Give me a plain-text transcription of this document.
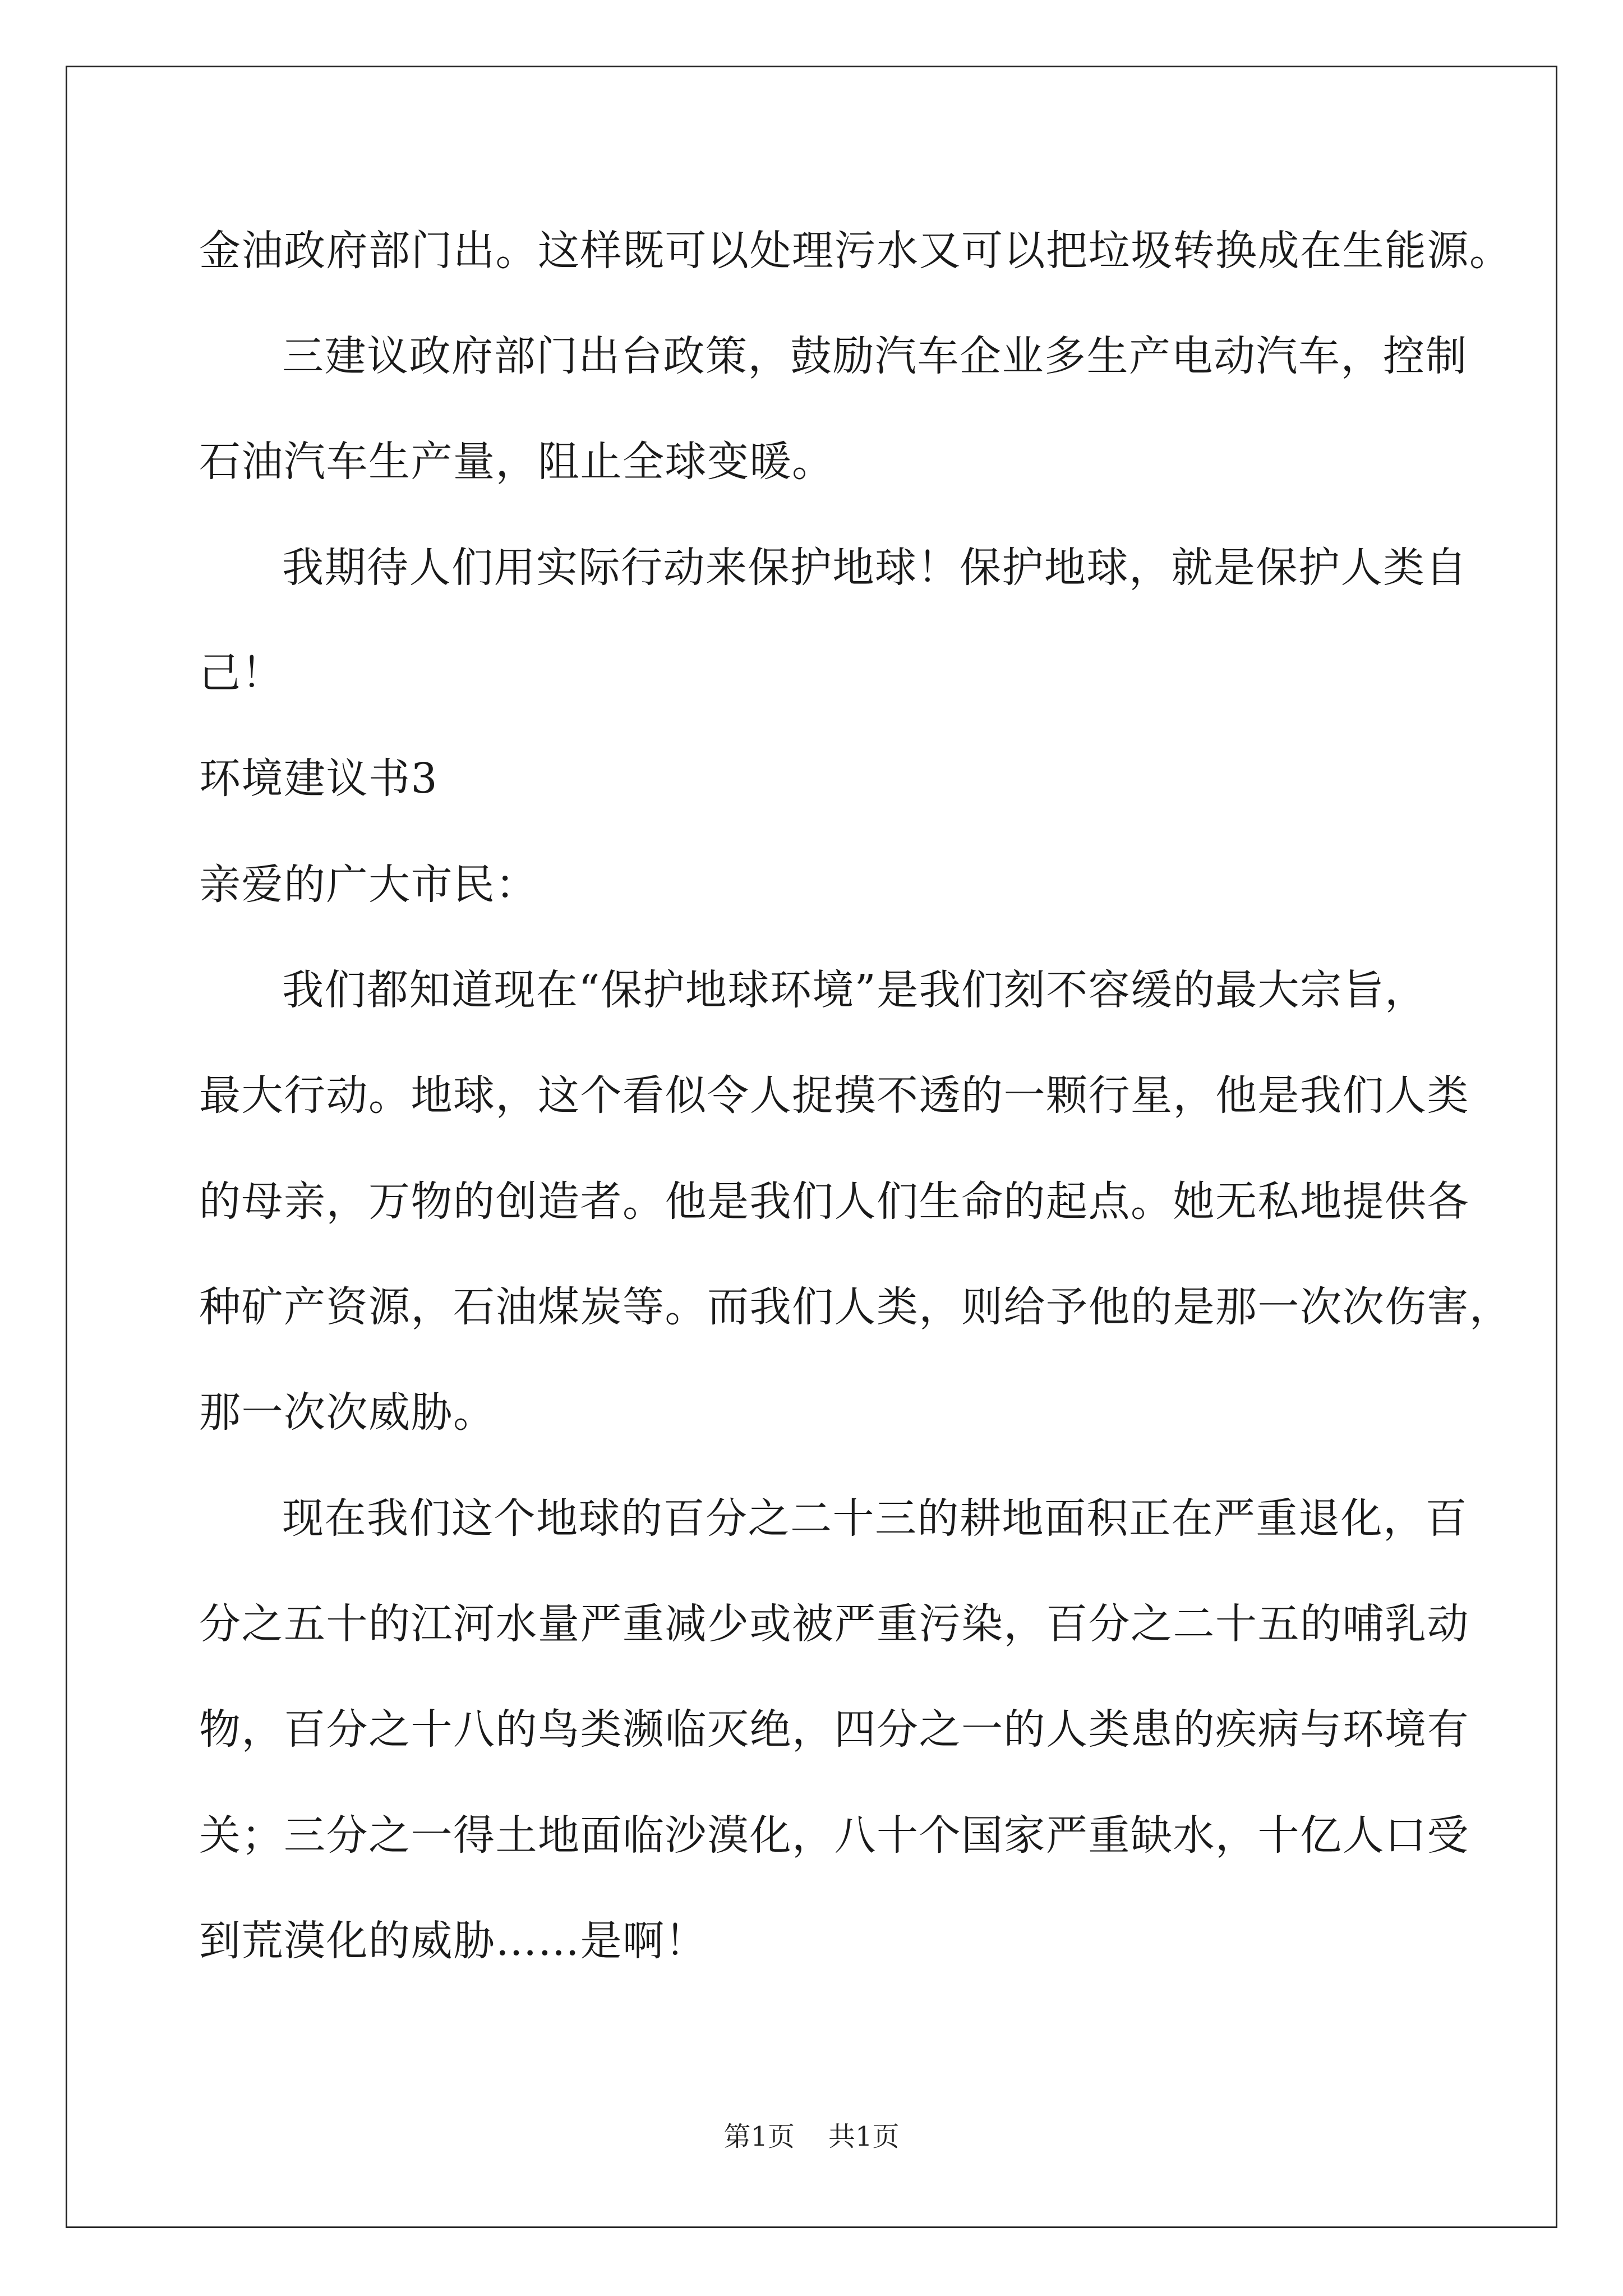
金油政府部门出。这样既可以处理污水又可以把垃圾转换成在生能源。
三建议政府部门出台政策，鼓励汽车企业多生产电动汽车，控制
石油汽车生产量，阻止全球变暖。
我期待人们用实际行动来保护地球！保护地球，就是保护人类自
己！
环境建议书3
亲爱的广大市民：
我们都知道现在“保护地球环境”是我们刻不容缓的最大宗旨，
最大行动。地球，这个看似令人捉摸不透的一颗行星，他是我们人类
的母亲，万物的创造者。他是我们人们生命的起点。她无私地提供各
种矿产资源，石油煤炭等。而我们人类，则给予他的是那一次次伤害，
那一次次威胁。
现在我们这个地球的百分之二十三的耕地面积正在严重退化，百
分之五十的江河水量严重减少或被严重污染，百分之二十五的哺乳动
物，百分之十八的鸟类濒临灭绝，四分之一的人类患的疾病与环境有
关；三分之一得土地面临沙漠化，八十个国家严重缺水，十亿人口受
到荒漠化的威胁……是啊！
第1页 共1页
